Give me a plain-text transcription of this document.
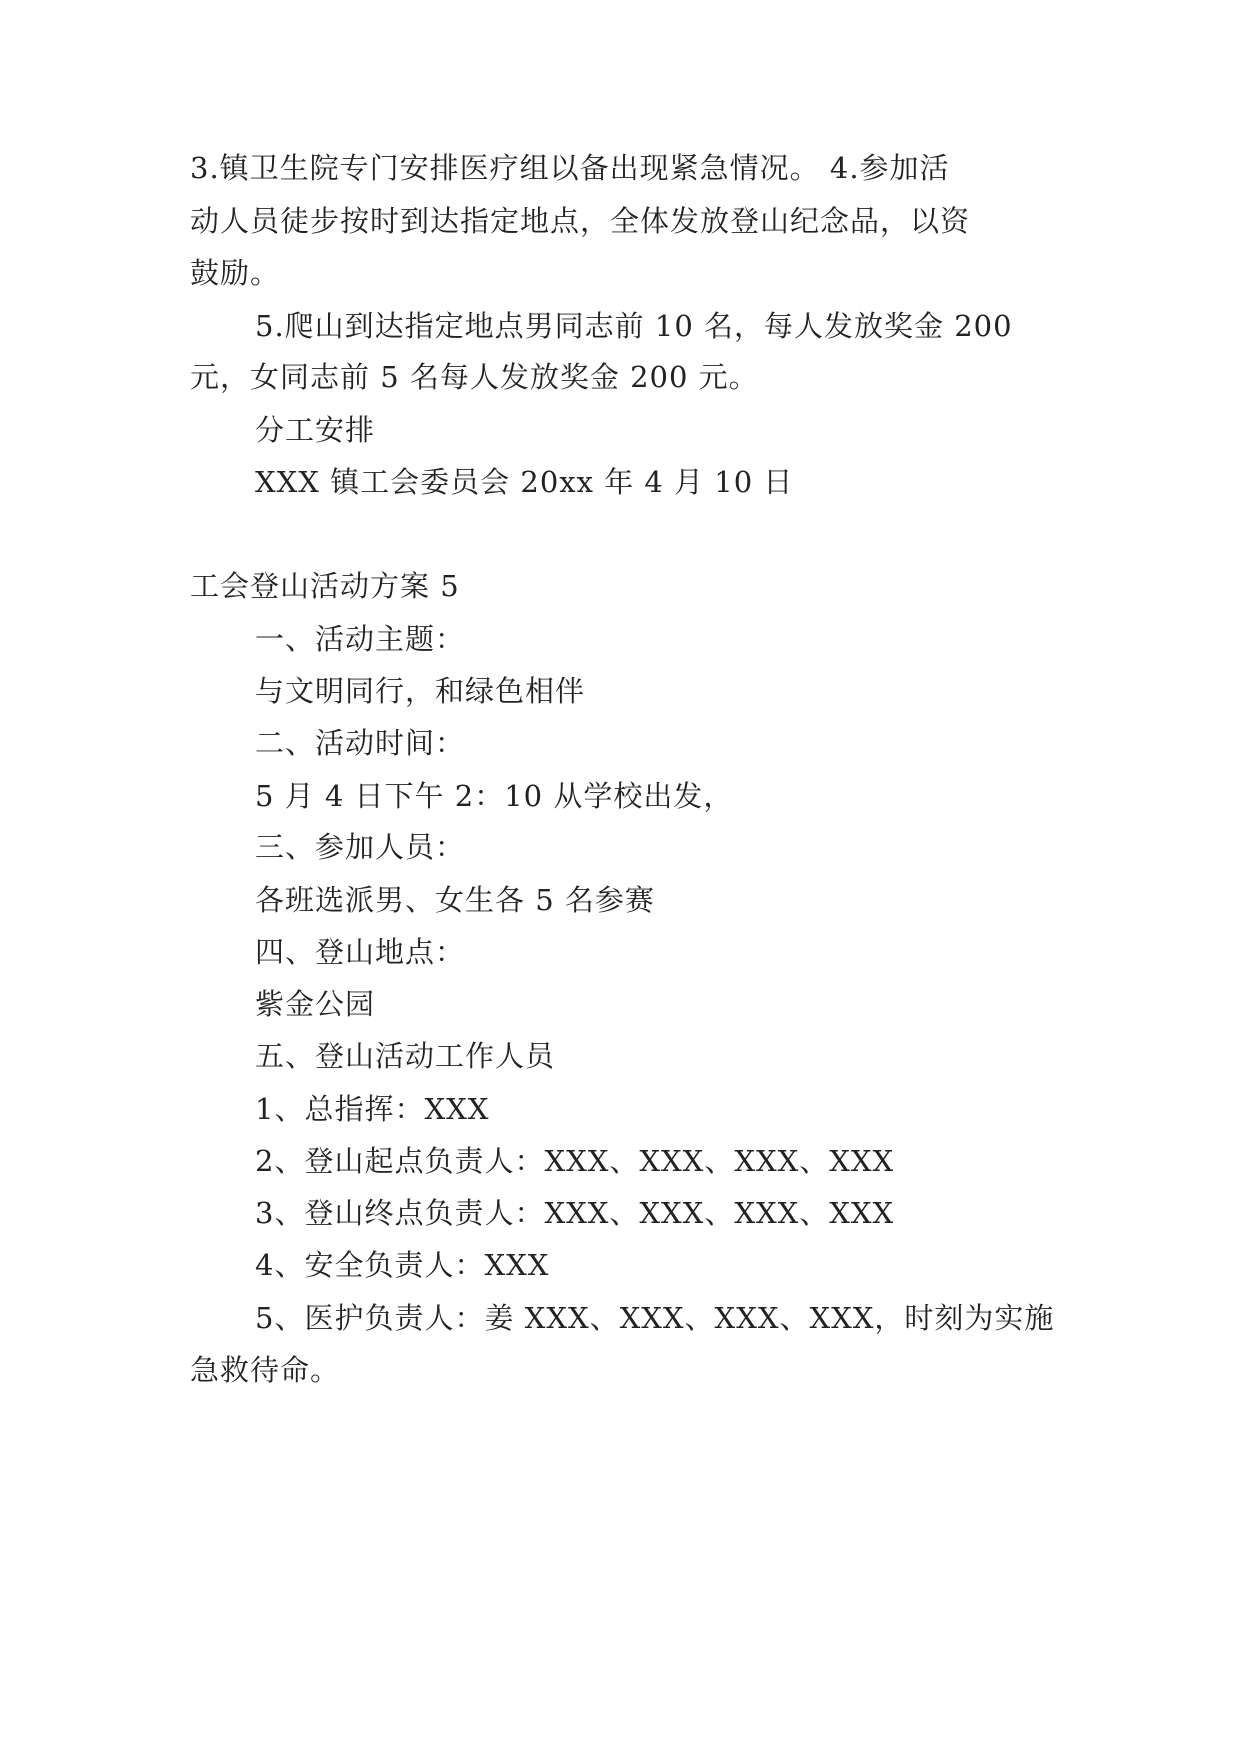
3.镇卫生院专门安排医疗组以备出现紧急情况。 4.参加活
动人员徒步按时到达指定地点，全体发放登山纪念品，以资
鼓励。
5.爬山到达指定地点男同志前 10 名，每人发放奖金 200
元，女同志前 5 名每人发放奖金 200 元。
分工安排
XXX 镇工会委员会 20xx 年 4 月 10 日
工会登山活动方案 5
一、活动主题：
与文明同行，和绿色相伴
二、活动时间：
5 月 4 日下午 2：10 从学校出发，
三、参加人员：
各班选派男、女生各 5 名参赛
四、登山地点：
紫金公园
五、登山活动工作人员
1、总指挥：XXX
2、登山起点负责人：XXX、XXX、XXX、XXX
3、登山终点负责人：XXX、XXX、XXX、XXX
4、安全负责人：XXX
5、医护负责人：姜 XXX、XXX、XXX、XXX，时刻为实施
急救待命。
